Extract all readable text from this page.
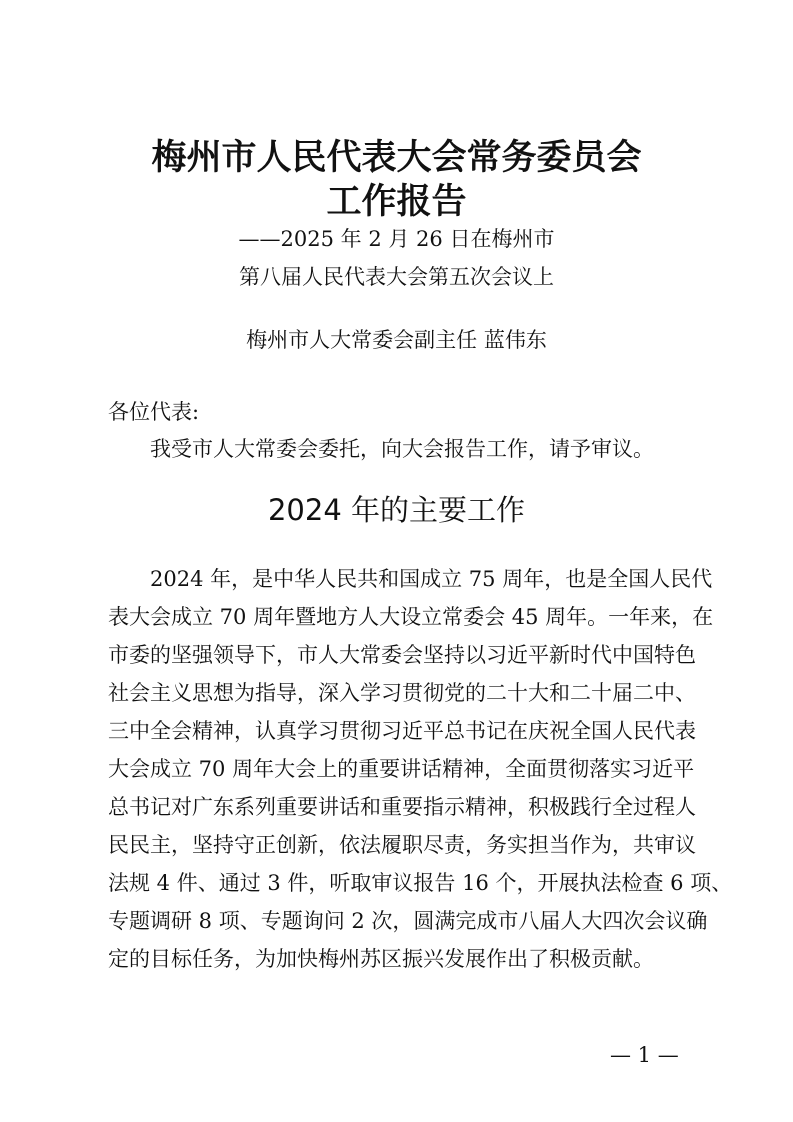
梅州市人民代表大会常务委员会
工作报告
——2025 年 2 月 26 日在梅州市
第八届人民代表大会第五次会议上
梅州市人大常委会副主任 蓝伟东
各位代表:
我受市人大常委会委托，向大会报告工作，请予审议。
2024 年的主要工作
2024 年，是中华人民共和国成立 75 周年，也是全国人民代
表大会成立 70 周年暨地方人大设立常委会 45 周年。一年来，在
市委的坚强领导下，市人大常委会坚持以习近平新时代中国特色
社会主义思想为指导，深入学习贯彻党的二十大和二十届二中、
三中全会精神，认真学习贯彻习近平总书记在庆祝全国人民代表
大会成立 70 周年大会上的重要讲话精神，全面贯彻落实习近平
总书记对广东系列重要讲话和重要指示精神，积极践行全过程人
民民主，坚持守正创新，依法履职尽责，务实担当作为，共审议
法规 4 件、通过 3 件，听取审议报告 16 个，开展执法检查 6 项、
专题调研 8 项、专题询问 2 次，圆满完成市八届人大四次会议确
定的目标任务，为加快梅州苏区振兴发展作出了积极贡献。
— 1 —
